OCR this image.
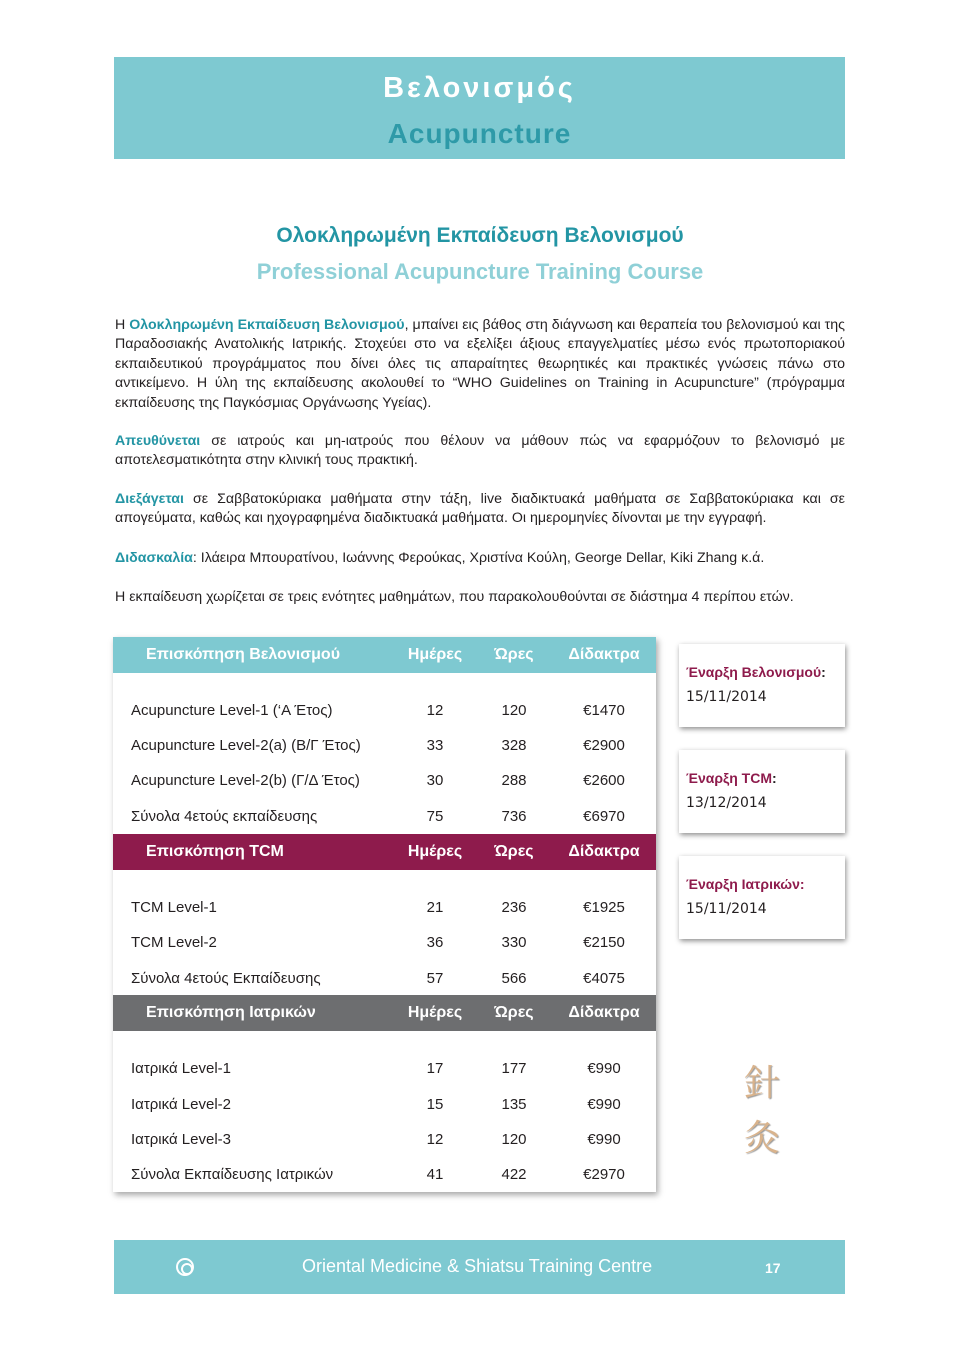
Βελονισμός
Acupuncture
Ολοκληρωμένη Εκπαίδευση Βελονισμού
Professional Acupuncture Training Course
Η Ολοκληρωμένη Εκπαίδευση Βελονισμού, μπαίνει εις βάθος στη διάγνωση και θεραπεία του βελονισμού και της Παραδοσιακής Ανατολικής Ιατρικής. Στοχεύει στο να εξελίξει άξιους επαγγελματίες μέσω ενός πρωτοποριακού εκπαιδευτικού προγράμματος που δίνει όλες τις απαραίτητες θεωρητικές και πρακτικές γνώσεις πάνω στο αντικείμενο. Η ύλη της εκπαίδευσης ακολουθεί το “WHO Guidelines on Training in Acupuncture” (πρόγραμμα εκπαίδευσης της Παγκόσμιας Οργάνωσης Υγείας).
Απευθύνεται σε ιατρούς και μη-ιατρούς που θέλουν να μάθουν πώς να εφαρμόζουν το βελονισμό με αποτελεσματικότητα στην κλινική τους πρακτική.
Διεξάγεται σε Σαββατοκύριακα μαθήματα στην τάξη, live διαδικτυακά μαθήματα σε Σαββατοκύριακα και σε απογεύματα, καθώς και ηχογραφημένα διαδικτυακά μαθήματα. Οι ημερομηνίες δίνονται με την εγγραφή.
Διδασκαλία: Ιλάειρα Μπουρατίνου, Ιωάννης Φερούκας, Χριστίνα Κούλη, George Dellar, Kiki Zhang κ.ά.
Η εκπαίδευση χωρίζεται σε τρεις ενότητες μαθημάτων, που παρακολουθούνται σε διάστημα 4 περίπου ετών.
Επισκόπηση Βελονισμού	Ημέρες	Ώρες	Δίδακτρα
Acupuncture Level-1 (‘Α Έτος)	12	120	€1470
Acupuncture Level-2(a) (Β/Γ Έτος)	33	328	€2900
Acupuncture Level-2(b) (Γ/Δ Έτος)	30	288	€2600
Σύνολα 4ετούς εκπαίδευσης	75	736	€6970
Επισκόπηση TCM	Ημέρες	Ώρες	Δίδακτρα
TCM Level-1	21	236	€1925
TCM Level-2	36	330	€2150
Σύνολα 4ετούς Εκπαίδευσης	57	566	€4075
Επισκόπηση Ιατρικών	Ημέρες	Ώρες	Δίδακτρα
Ιατρικά Level-1	17	177	€990
Ιατρικά Level-2	15	135	€990
Ιατρικά Level-3	12	120	€990
Σύνολα Εκπαίδευσης Ιατρικών	41	422	€2970
Έναρξη Βελονισμού:
15/11/2014
Έναρξη TCM:
13/12/2014
Έναρξη Ιατρικών:
15/11/2014
針
灸
Oriental Medicine & Shiatsu Training Centre	17
